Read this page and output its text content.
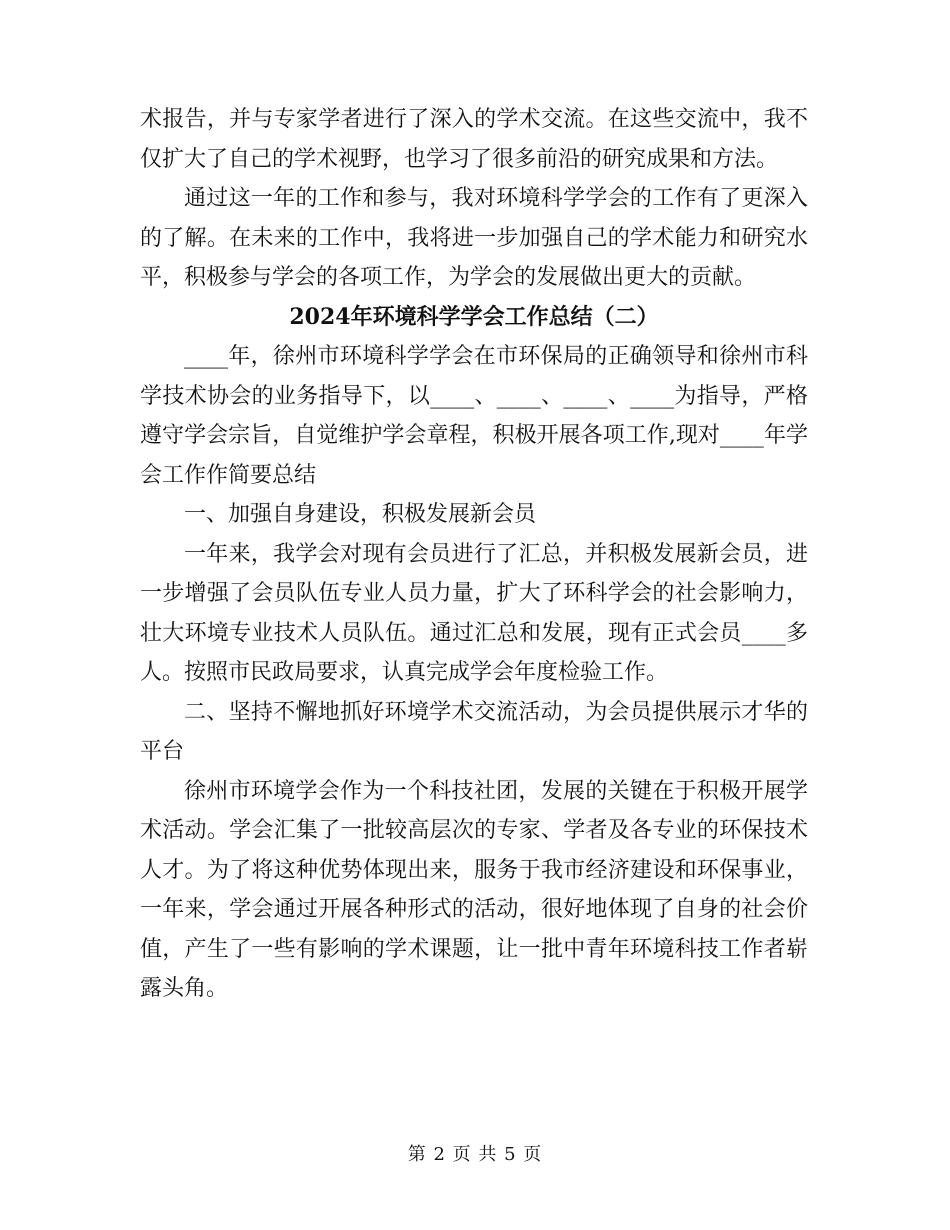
术报告，并与专家学者进行了深入的学术交流。在这些交流中，我不仅扩大了自己的学术视野，也学习了很多前沿的研究成果和方法。

通过这一年的工作和参与，我对环境科学学会的工作有了更深入的了解。在未来的工作中，我将进一步加强自己的学术能力和研究水平，积极参与学会的各项工作，为学会的发展做出更大的贡献。

2024年环境科学学会工作总结（二）

____年，徐州市环境科学学会在市环保局的正确领导和徐州市科学技术协会的业务指导下，以____、____、____、____为指导，严格遵守学会宗旨，自觉维护学会章程，积极开展各项工作,现对____年学会工作作简要总结

一、加强自身建设，积极发展新会员

一年来，我学会对现有会员进行了汇总，并积极发展新会员，进一步增强了会员队伍专业人员力量，扩大了环科学会的社会影响力，壮大环境专业技术人员队伍。通过汇总和发展，现有正式会员____多人。按照市民政局要求，认真完成学会年度检验工作。

二、坚持不懈地抓好环境学术交流活动，为会员提供展示才华的平台

徐州市环境学会作为一个科技社团，发展的关键在于积极开展学术活动。学会汇集了一批较高层次的专家、学者及各专业的环保技术人才。为了将这种优势体现出来，服务于我市经济建设和环保事业，一年来，学会通过开展各种形式的活动，很好地体现了自身的社会价值，产生了一些有影响的学术课题，让一批中青年环境科技工作者崭露头角。

第 2 页 共 5 页
